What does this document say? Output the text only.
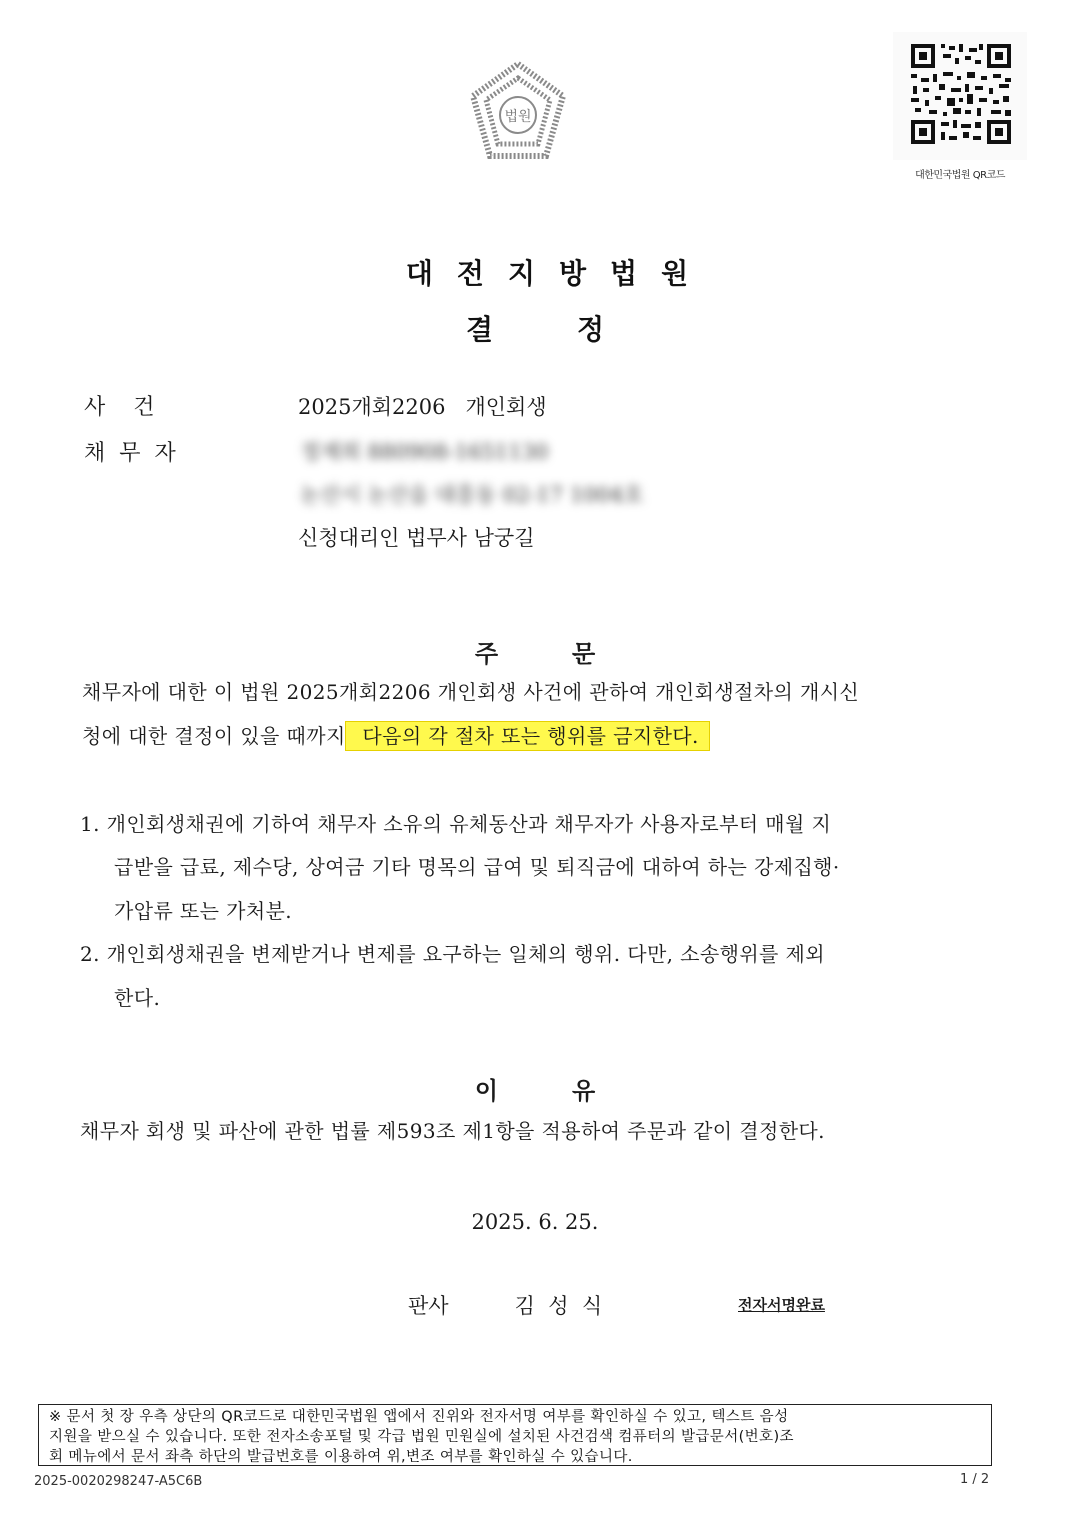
법원
대한민국법원 QR코드
대전지방법원
결	정
사    건	2025개회2206   개인회생
채  무  자	정재희 880908-1651130
논산시 논산읍 대흥동 02-17 1004호
신청대리인 법무사 남궁길
주	문
채무자에 대한 이 법원 2025개회2206 개인회생 사건에 관하여 개인회생절차의 개시신
청에 대한 결정이 있을 때까지 다음의 각 절차 또는 행위를 금지한다.
1. 개인회생채권에 기하여 채무자 소유의 유체동산과 채무자가 사용자로부터 매월 지
급받을 급료, 제수당, 상여금 기타 명목의 급여 및 퇴직금에 대하여 하는 강제집행·
가압류 또는 가처분.
2. 개인회생채권을 변제받거나 변제를 요구하는 일체의 행위. 다만, 소송행위를 제외
한다.
이	유
채무자 회생 및 파산에 관한 법률 제593조 제1항을 적용하여 주문과 같이 결정한다.
2025. 6. 25.
판사	김  성  식	전자서명완료

※ 문서 첫 장 우측 상단의 QR코드로 대한민국법원 앱에서 진위와 전자서명 여부를 확인하실 수 있고, 텍스트 음성

지원을 받으실 수 있습니다. 또한 전자소송포털 및 각급 법원 민원실에 설치된 사건검색 컴퓨터의 발급문서(번호)조

회 메뉴에서 문서 좌측 하단의 발급번호를 이용하여 위,변조 여부를 확인하실 수 있습니다.

2025-0020298247-A5C6B	1 / 2
